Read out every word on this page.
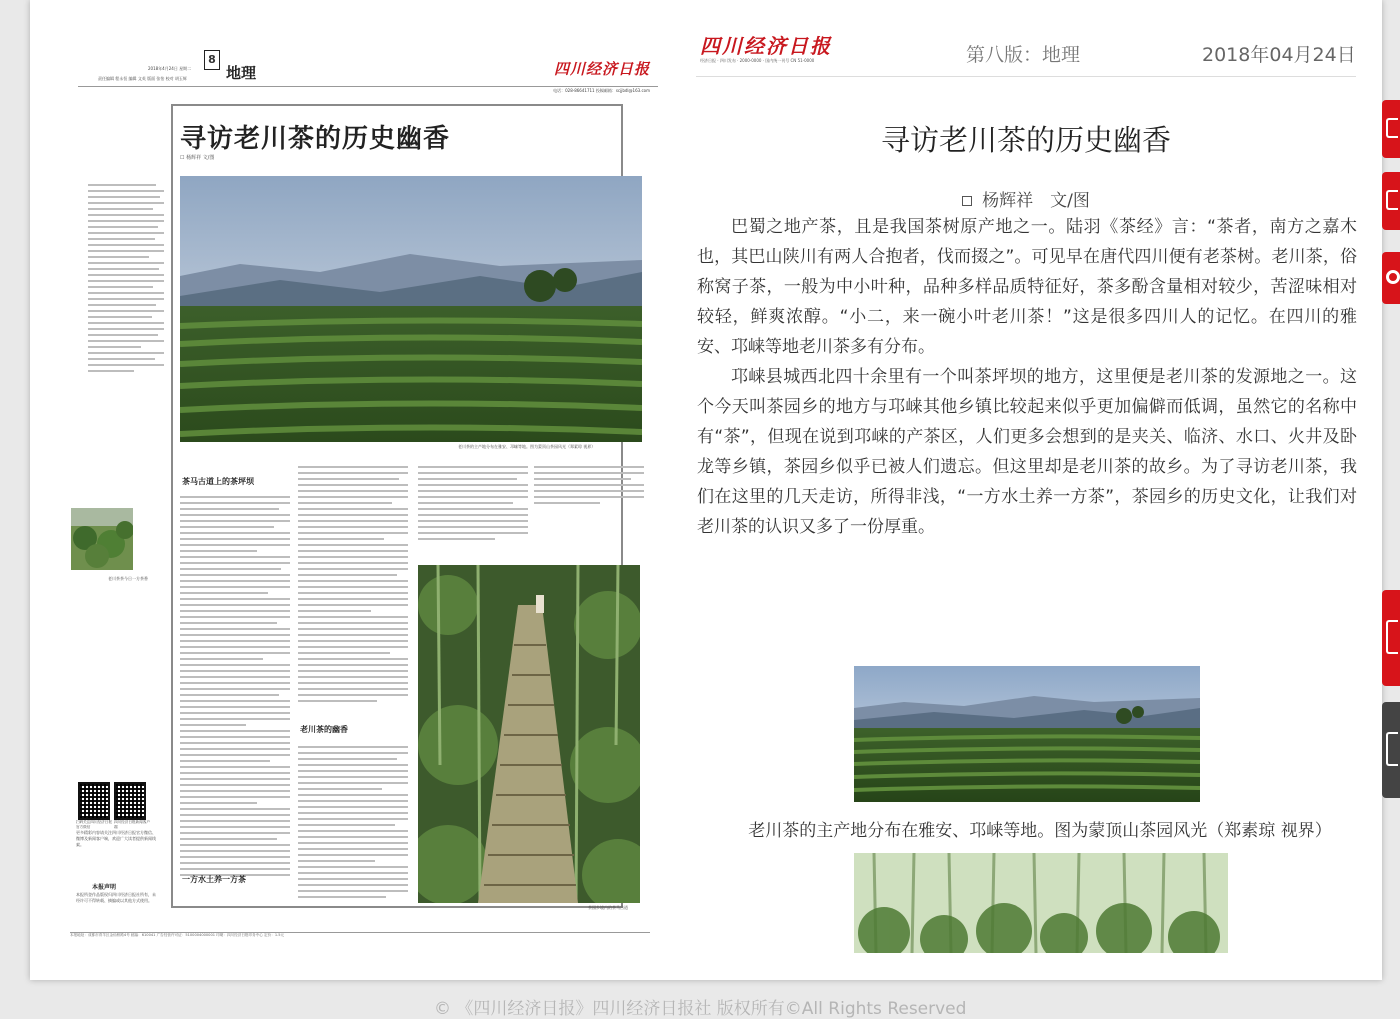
8
地理
2018年4月24日 星期二
责任编辑 程永恒 编辑 文英 版面 张怡 校对 胡玉辉
四川经济日报
电话：028-86641711 投稿邮箱：scjjbdl@163.com
老川茶茶今日一方茶香
扫码关注四川经济日报官方微信
四川经济日报新闻客户端
更多精彩内容请关注四川经济日报官方微信、微博及新闻客户端，欢迎广大读者提供新闻线索。
本报声明
本报所登作品版权归四川经济日报社所有，未经许可不得转载、摘编或以其他方式使用。
寻访老川茶的历史幽香
☐ 杨辉祥 文/图
老川茶的主产地分布在雅安、邛崃等地。图为蒙顶山茶园风光（郑素琼 视界）
茶马古道上的茶坪坝
一方水土养一方茶
老川茶的幽香
茶园乡境内的茶马古道
本报地址：成都市青羊区金仙桥路4号 邮编：610041 广告经营许可证：5100004000001 印刷：四川经济日报印务中心 定价：1.5元
四川经济日报
经济日报 · 四川发布 · 2000-0000 · 国内统一刊号 CN 51-0000	第八版：地理	2018年04月24日
寻访老川茶的历史幽香
杨辉祥　文/图

巴蜀之地产茶，且是我国茶树原产地之一。陆羽《茶经》言：“茶者，南方之嘉木也，其巴山陕川有两人合抱者，伐而掇之”。可见早在唐代四川便有老茶树。老川茶，俗称窝子茶，一般为中小叶种，品种多样品质特征好，茶多酚含量相对较少，苦涩味相对较轻，鲜爽浓醇。“小二，来一碗小叶老川茶！”这是很多四川人的记忆。在四川的雅安、邛崃等地老川茶多有分布。

邛崃县城西北四十余里有一个叫茶坪坝的地方，这里便是老川茶的发源地之一。这个今天叫茶园乡的地方与邛崃其他乡镇比较起来似乎更加偏僻而低调，虽然它的名称中有“茶”，但现在说到邛崃的产茶区，人们更多会想到的是夹关、临济、水口、火井及卧龙等乡镇，茶园乡似乎已被人们遗忘。但这里却是老川茶的故乡。为了寻访老川茶，我们在这里的几天走访，所得非浅，“一方水土养一方茶”，茶园乡的历史文化，让我们对老川茶的认识又多了一份厚重。

老川茶的主产地分布在雅安、邛崃等地。图为蒙顶山茶园风光（郑素琼 视界）
© 《四川经济日报》四川经济日报社 版权所有©All Rights Reserved
